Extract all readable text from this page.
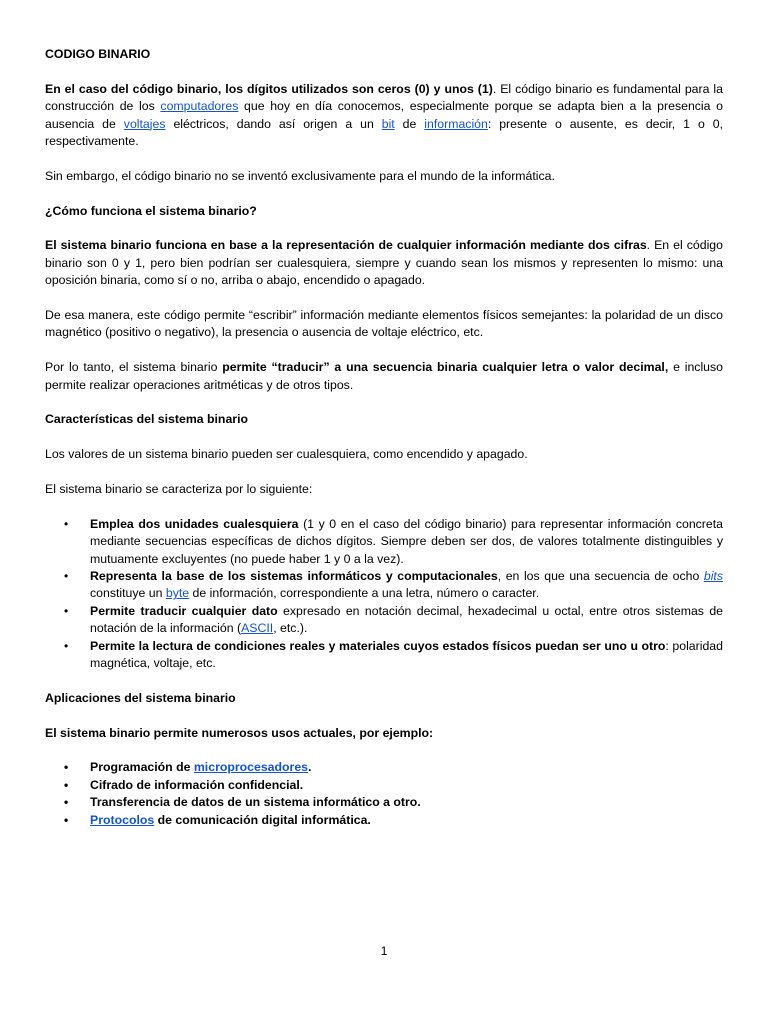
CODIGO BINARIO

En el caso del código binario, los dígitos utilizados son ceros (0) y unos (1). El código binario es fundamental para la construcción de los computadores que hoy en día conocemos, especialmente porque se adapta bien a la presencia o ausencia de voltajes eléctricos, dando así origen a un bit de información: presente o ausente, es decir, 1 o 0, respectivamente.

Sin embargo, el código binario no se inventó exclusivamente para el mundo de la informática.

¿Cómo funciona el sistema binario?

El sistema binario funciona en base a la representación de cualquier información mediante dos cifras. En el código binario son 0 y 1, pero bien podrían ser cualesquiera, siempre y cuando sean los mismos y representen lo mismo: una oposición binaria, como sí o no, arriba o abajo, encendido o apagado.

De esa manera, este código permite “escribir” información mediante elementos físicos semejantes: la polaridad de un disco magnético (positivo o negativo), la presencia o ausencia de voltaje eléctrico, etc.

Por lo tanto, el sistema binario permite “traducir” a una secuencia binaria cualquier letra o valor decimal, e incluso permite realizar operaciones aritméticas y de otros tipos.

Características del sistema binario

Los valores de un sistema binario pueden ser cualesquiera, como encendido y apagado.

El sistema binario se caracteriza por lo siguiente:

• Emplea dos unidades cualesquiera (1 y 0 en el caso del código binario) para representar información concreta mediante secuencias específicas de dichos dígitos. Siempre deben ser dos, de valores totalmente distinguibles y mutuamente excluyentes (no puede haber 1 y 0 a la vez).
• Representa la base de los sistemas informáticos y computacionales, en los que una secuencia de ocho bits constituye un byte de información, correspondiente a una letra, número o caracter.
• Permite traducir cualquier dato expresado en notación decimal, hexadecimal u octal, entre otros sistemas de notación de la información (ASCII, etc.).
• Permite la lectura de condiciones reales y materiales cuyos estados físicos puedan ser uno u otro: polaridad magnética, voltaje, etc.

Aplicaciones del sistema binario

El sistema binario permite numerosos usos actuales, por ejemplo:

• Programación de microprocesadores.
• Cifrado de información confidencial.
• Transferencia de datos de un sistema informático a otro.
• Protocolos de comunicación digital informática.
1
